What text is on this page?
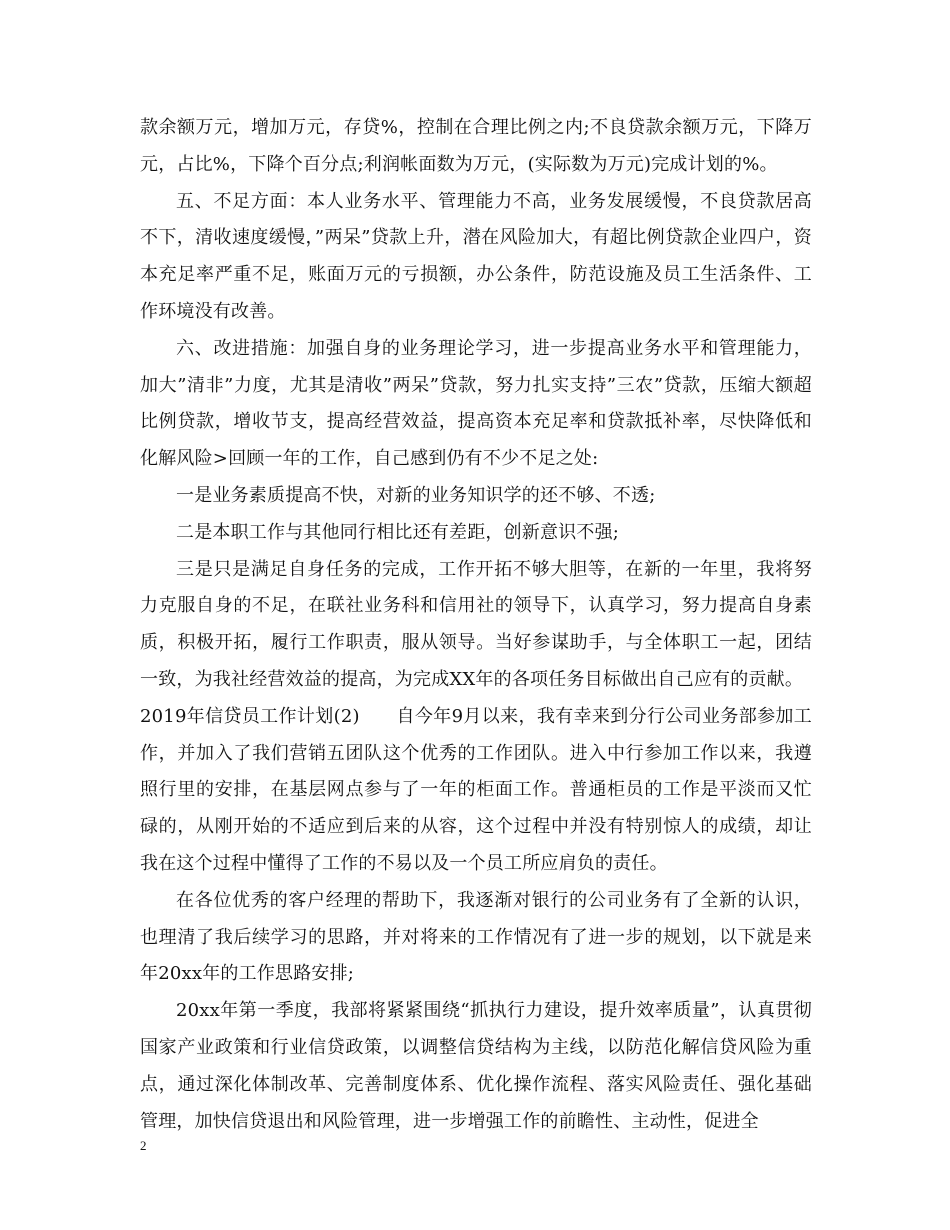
款余额万元，增加万元，存贷%，控制在合理比例之内;不良贷款余额万元，下降万元，占比%，下降个百分点;利润帐面数为万元，(实际数为万元)完成计划的%。

五、不足方面：本人业务水平、管理能力不高，业务发展缓慢，不良贷款居高不下，清收速度缓慢，”两呆”贷款上升，潜在风险加大，有超比例贷款企业四户，资本充足率严重不足，账面万元的亏损额，办公条件，防范设施及员工生活条件、工作环境没有改善。

六、改进措施：加强自身的业务理论学习，进一步提高业务水平和管理能力，加大”清非”力度，尤其是清收”两呆”贷款，努力扎实支持”三农”贷款，压缩大额超比例贷款，增收节支，提高经营效益，提高资本充足率和贷款抵补率，尽快降低和化解风险>回顾一年的工作，自己感到仍有不少不足之处:

一是业务素质提高不快，对新的业务知识学的还不够、不透;

二是本职工作与其他同行相比还有差距，创新意识不强;

三是只是满足自身任务的完成，工作开拓不够大胆等，在新的一年里，我将努力克服自身的不足，在联社业务科和信用社的领导下，认真学习，努力提高自身素质，积极开拓，履行工作职责，服从领导。当好参谋助手，与全体职工一起，团结一致，为我社经营效益的提高，为完成XX年的各项任务目标做出自己应有的贡献。

2019年信贷员工作计划(2)　　自今年9月以来，我有幸来到分行公司业务部参加工作，并加入了我们营销五团队这个优秀的工作团队。进入中行参加工作以来，我遵照行里的安排，在基层网点参与了一年的柜面工作。普通柜员的工作是平淡而又忙碌的，从刚开始的不适应到后来的从容，这个过程中并没有特别惊人的成绩，却让我在这个过程中懂得了工作的不易以及一个员工所应肩负的责任。

在各位优秀的客户经理的帮助下，我逐渐对银行的公司业务有了全新的认识，也理清了我后续学习的思路，并对将来的工作情况有了进一步的规划，以下就是来年20xx年的工作思路安排;

20xx年第一季度，我部将紧紧围绕“抓执行力建设，提升效率质量”，认真贯彻国家产业政策和行业信贷政策，以调整信贷结构为主线，以防范化解信贷风险为重点，通过深化体制改革、完善制度体系、优化操作流程、落实风险责任、强化基础管理，加快信贷退出和风险管理，进一步增强工作的前瞻性、主动性，促进全

2
